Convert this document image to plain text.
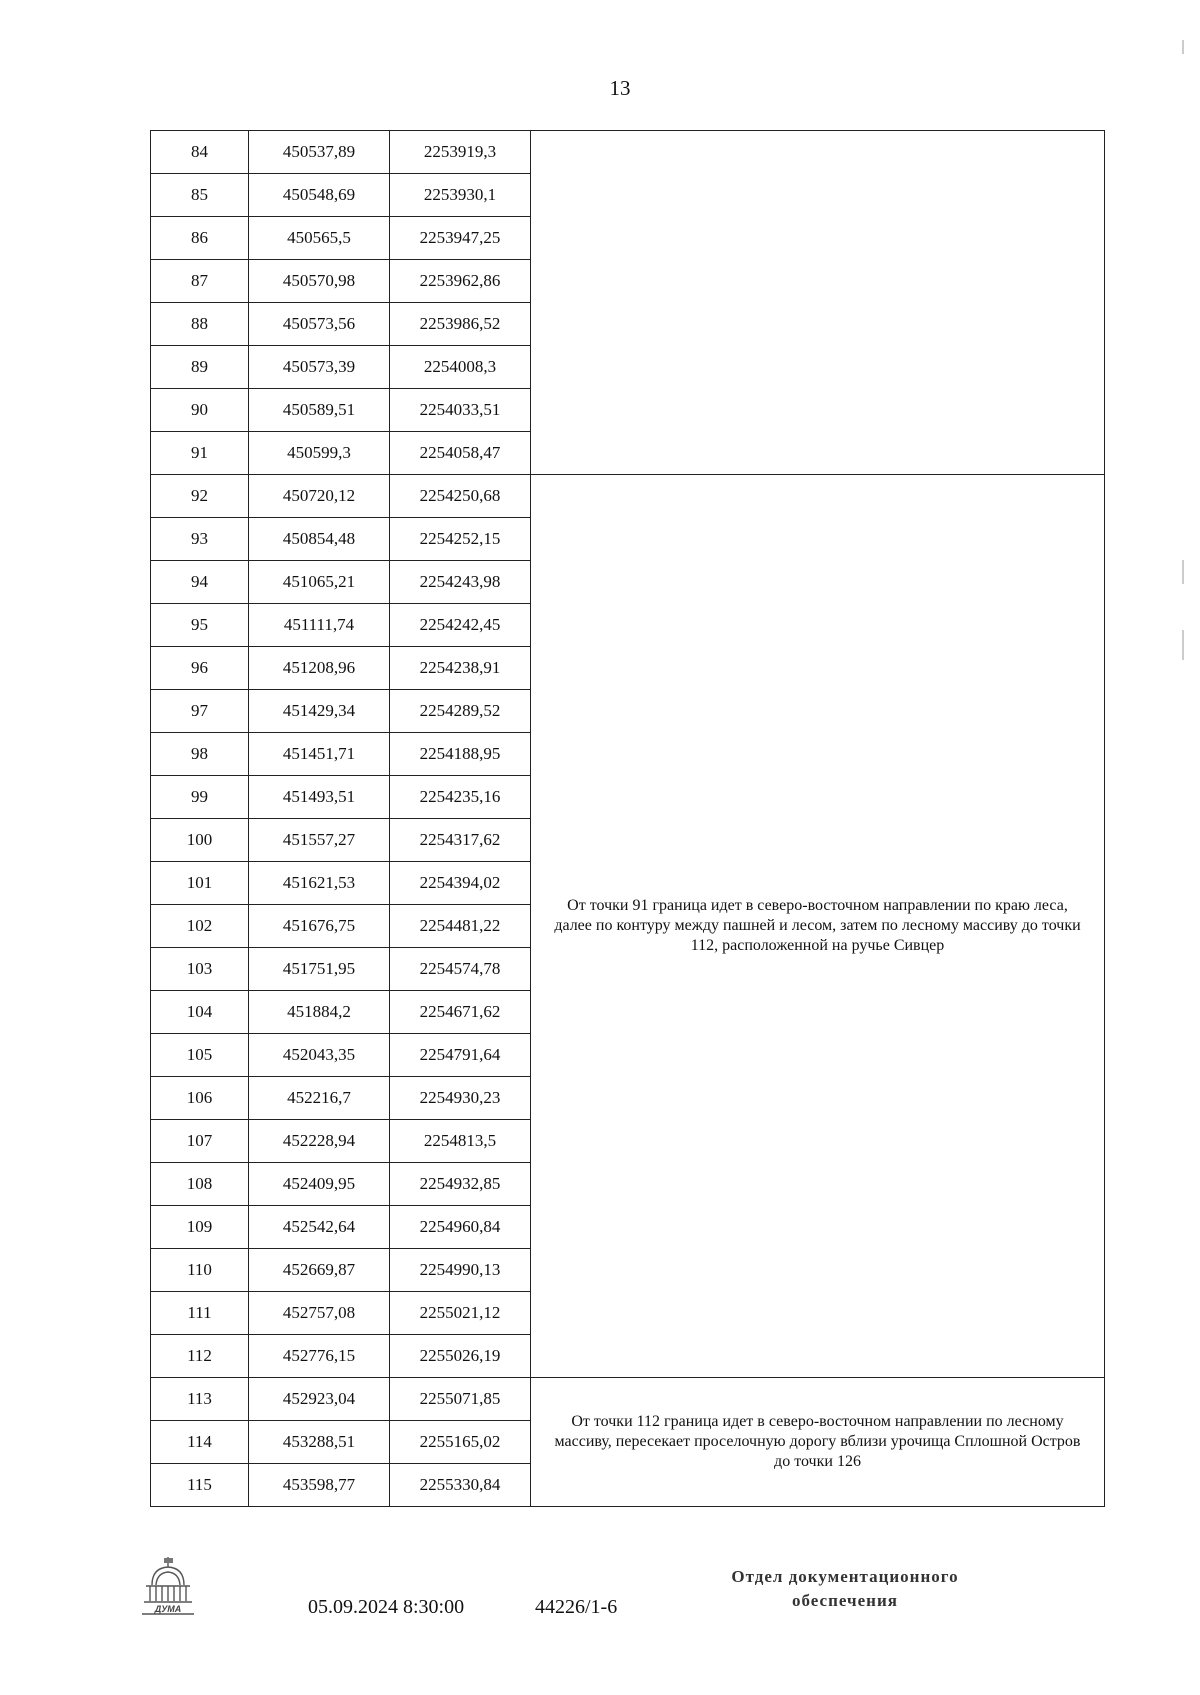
13
84	450537,89	2253919,3	
85	450548,69	2253930,1	
86	450565,5	2253947,25	
87	450570,98	2253962,86	
88	450573,56	2253986,52	
89	450573,39	2254008,3	
90	450589,51	2254033,51	
91	450599,3	2254058,47	
92	450720,12	2254250,68	От точки 91 граница идет в северо-восточном направлении по краю леса, далее по контуру между пашней и лесом, затем по лесному массиву до точки 112, расположенной на ручье Сивцер
93	450854,48	2254252,15	
94	451065,21	2254243,98	
95	451111,74	2254242,45	
96	451208,96	2254238,91	
97	451429,34	2254289,52	
98	451451,71	2254188,95	
99	451493,51	2254235,16	
100	451557,27	2254317,62	
101	451621,53	2254394,02	
102	451676,75	2254481,22	
103	451751,95	2254574,78	
104	451884,2	2254671,62	
105	452043,35	2254791,64	
106	452216,7	2254930,23	
107	452228,94	2254813,5	
108	452409,95	2254932,85	
109	452542,64	2254960,84	
110	452669,87	2254990,13	
111	452757,08	2255021,12	
112	452776,15	2255026,19	
113	452923,04	2255071,85	От точки 112 граница идет в северо-восточном направлении по лесному массиву, пересекает проселочную дорогу вблизи урочища Сплошной Остров до точки 126
114	453288,51	2255165,02	
115	453598,77	2255330,84	
ДУМА	05.09.2024 8:30:00	44226/1-6
Отдел документационного обеспечения
